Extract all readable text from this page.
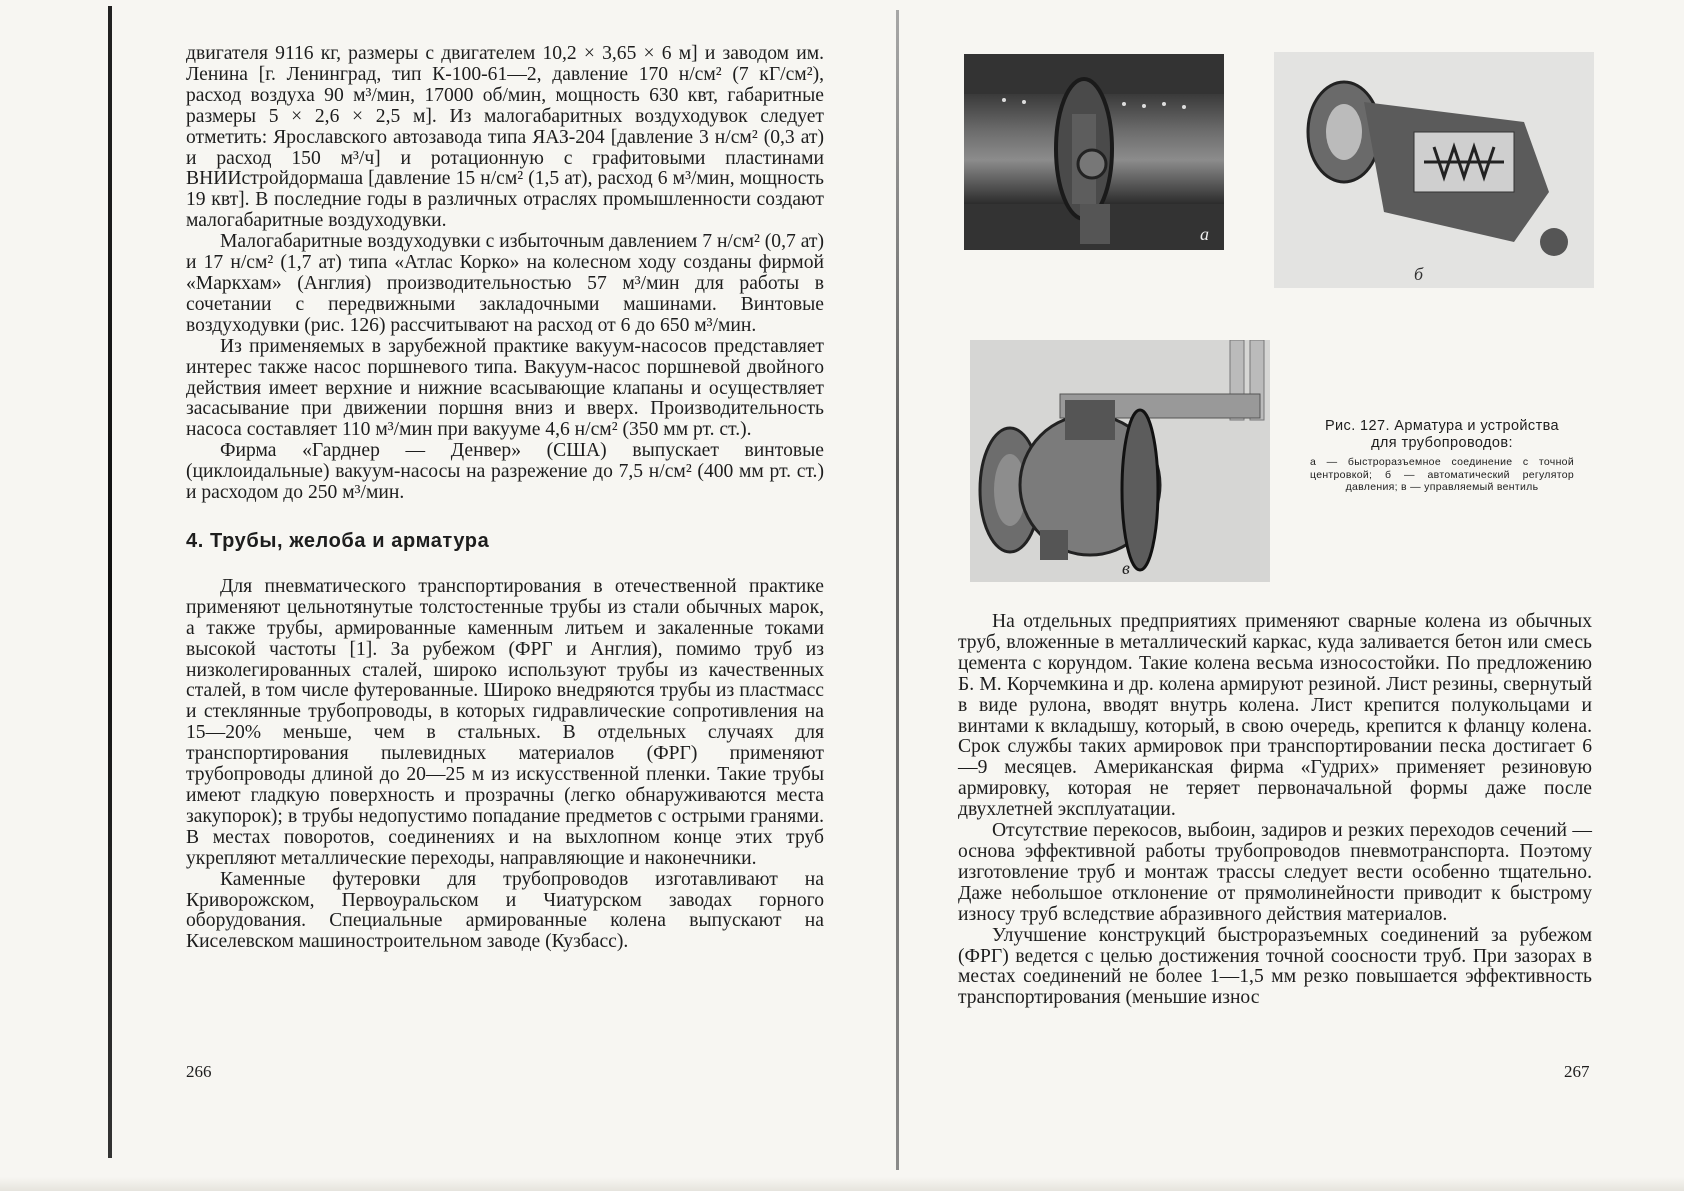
двигателя 9116 кг, размеры с двигателем 10,2 × 3,65 × 6 м] и заводом им. Ленина [г. Ленинград, тип К-100-61—2, давление 170 н/см² (7 кГ/см²), расход воздуха 90 м³/мин, 17000 об/мин, мощность 630 квт, габаритные размеры 5 × 2,6 × 2,5 м]. Из малогабаритных воздуходувок следует отметить: Ярославского автозавода типа ЯАЗ-204 [давление 3 н/см² (0,3 ат) и расход 150 м³/ч] и ротационную с графитовыми пластинами ВНИИстройдормаша [давление 15 н/см² (1,5 ат), расход 6 м³/мин, мощность 19 квт]. В последние годы в различных отраслях промышленности создают малогабаритные воздуходувки.

Малогабаритные воздуходувки с избыточным давлением 7 н/см² (0,7 ат) и 17 н/см² (1,7 ат) типа «Атлас Корко» на колесном ходу созданы фирмой «Маркхам» (Англия) производительностью 57 м³/мин для работы в сочетании с передвижными закладочными машинами. Винтовые воздуходувки (рис. 126) рассчитывают на расход от 6 до 650 м³/мин.

Из применяемых в зарубежной практике вакуум-насосов представляет интерес также насос поршневого типа. Вакуум-насос поршневой двойного действия имеет верхние и нижние всасывающие клапаны и осуществляет засасывание при движении поршня вниз и вверх. Производительность насоса составляет 110 м³/мин при вакууме 4,6 н/см² (350 мм рт. ст.).

Фирма «Гарднер — Денвер» (США) выпускает винтовые (циклоидальные) вакуум-насосы на разрежение до 7,5 н/см² (400 мм рт. ст.) и расходом до 250 м³/мин.

4. Трубы, желоба и арматура

Для пневматического транспортирования в отечественной практике применяют цельнотянутые толстостенные трубы из стали обычных марок, а также трубы, армированные каменным литьем и закаленные токами высокой частоты [1]. За рубежом (ФРГ и Англия), помимо труб из низколегированных сталей, широко используют трубы из качественных сталей, в том числе футерованные. Широко внедряются трубы из пластмасс и стеклянные трубопроводы, в которых гидравлические сопротивления на 15—20% меньше, чем в стальных. В отдельных случаях для транспортирования пылевидных материалов (ФРГ) применяют трубопроводы длиной до 20—25 м из искусственной пленки. Такие трубы имеют гладкую поверхность и прозрачны (легко обнаруживаются места закупорок); в трубы недопустимо попадание предметов с острыми гранями. В местах поворотов, соединениях и на выхлопном конце этих труб укрепляют металлические переходы, направляющие и наконечники.

Каменные футеровки для трубопроводов изготавливают на Криворожском, Первоуральском и Чиатурском заводах горного оборудования. Специальные армированные колена выпускают на Киселевском машиностроительном заводе (Кузбасс).

266
а
б
в
Рис. 127. Арматура и устройства для трубопроводов:
а — быстроразъемное соединение с точной центровкой; б — автоматический регулятор давления; в — управляемый вентиль

На отдельных предприятиях применяют сварные колена из обычных труб, вложенные в металлический каркас, куда заливается бетон или смесь цемента с корундом. Такие колена весьма износостойки. По предложению Б. М. Корчемкина и др. колена армируют резиной. Лист резины, свернутый в виде рулона, вводят внутрь колена. Лист крепится полукольцами и винтами к вкладышу, который, в свою очередь, крепится к фланцу колена. Срок службы таких армировок при транспортировании песка достигает 6—9 месяцев. Американская фирма «Гудрих» применяет резиновую армировку, которая не теряет первоначальной формы даже после двухлетней эксплуатации.

Отсутствие перекосов, выбоин, задиров и резких переходов сечений — основа эффективной работы трубопроводов пневмотранспорта. Поэтому изготовление труб и монтаж трассы следует вести особенно тщательно. Даже небольшое отклонение от прямолинейности приводит к быстрому износу труб вследствие абразивного действия материалов.

Улучшение конструкций быстроразъемных соединений за рубежом (ФРГ) ведется с целью достижения точной соосности труб. При зазорах в местах соединений не более 1—1,5 мм резко повышается эффективность транспортирования (меньшие износ

267
